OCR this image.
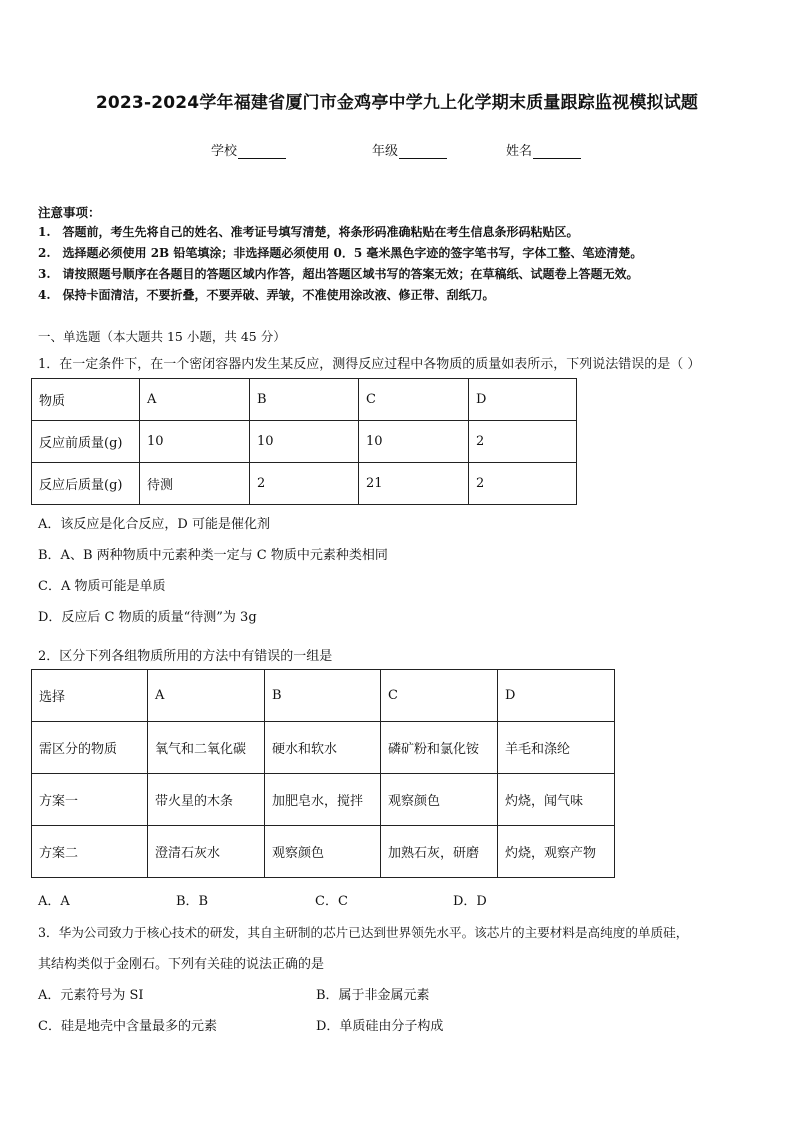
2023-2024学年福建省厦门市金鸡亭中学九上化学期末质量跟踪监视模拟试题
学校	年级	姓名
注意事项：
1.　答题前，考生先将自己的姓名、准考证号填写清楚，将条形码准确粘贴在考生信息条形码粘贴区。
2.　选择题必须使用 2B 铅笔填涂；非选择题必须使用 0．5 毫米黑色字迹的签字笔书写，字体工整、笔迹清楚。
3.　请按照题号顺序在各题目的答题区域内作答，超出答题区域书写的答案无效；在草稿纸、试题卷上答题无效。
4.　保持卡面清洁，不要折叠，不要弄破、弄皱，不准使用涂改液、修正带、刮纸刀。
一、单选题（本大题共 15 小题，共 45 分）
1．在一定条件下，在一个密闭容器内发生某反应，测得反应过程中各物质的质量如表所示，下列说法错误的是（ ）
物质	A	B	C	D
反应前质量(g)	10	10	10	2
反应后质量(g)	待测	2	21	2
A．该反应是化合反应，D 可能是催化剂
B．A、B 两种物质中元素种类一定与 C 物质中元素种类相同
C．A 物质可能是单质
D．反应后 C 物质的质量“待测”为 3g
2．区分下列各组物质所用的方法中有错误的一组是
选择	A	B	C	D
需区分的物质	氧气和二氧化碳	硬水和软水	磷矿粉和氯化铵	羊毛和涤纶
方案一	带火星的木条	加肥皂水，搅拌	观察颜色	灼烧，闻气味
方案二	澄清石灰水	观察颜色	加熟石灰，研磨	灼烧，观察产物
A．A	B．B	C．C	D．D
3．华为公司致力于核心技术的研发，其自主研制的芯片已达到世界领先水平。该芯片的主要材料是高纯度的单质硅，
其结构类似于金刚石。下列有关硅的说法正确的是
A．元素符号为 SI	B．属于非金属元素
C．硅是地壳中含量最多的元素	D．单质硅由分子构成
